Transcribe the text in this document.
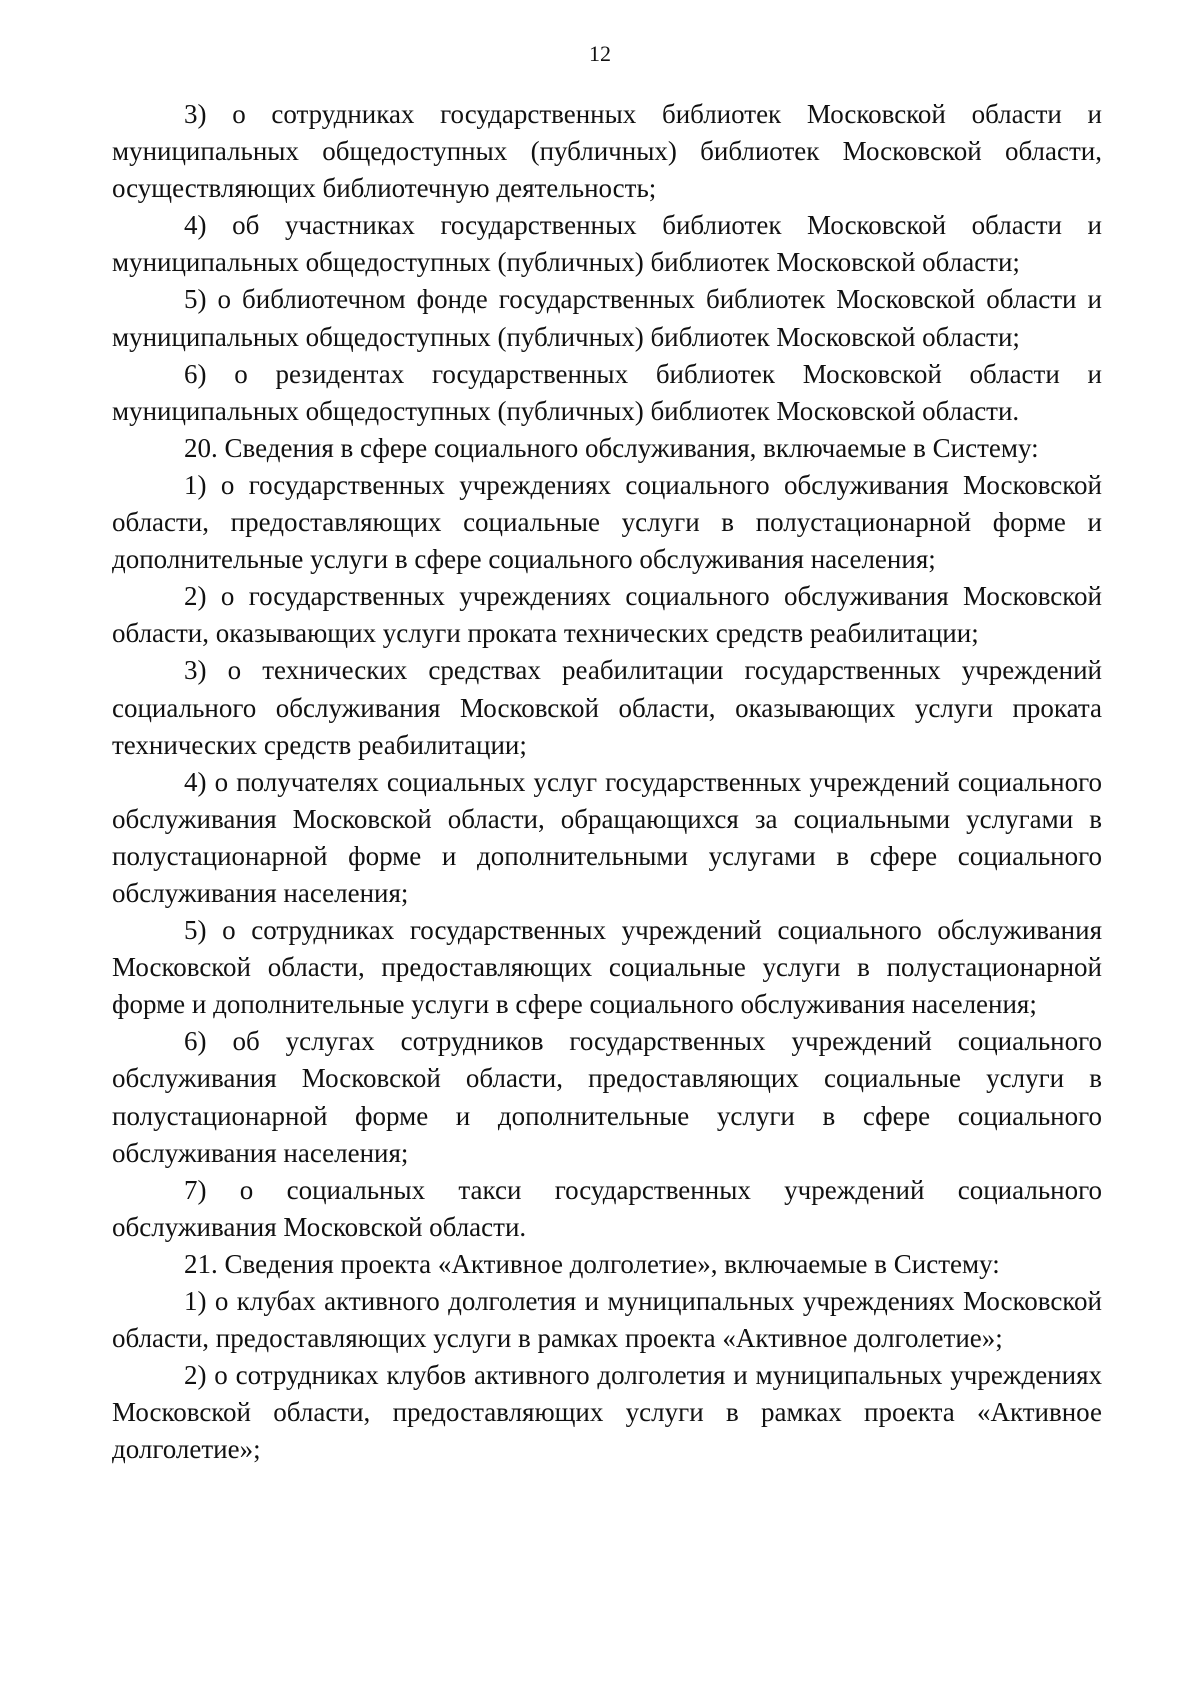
12

3) о сотрудниках государственных библиотек Московской области и муниципальных общедоступных (публичных) библиотек Московской области, осуществляющих библиотечную деятельность;

4) об участниках государственных библиотек Московской области и муниципальных общедоступных (публичных) библиотек Московской области;

5) о библиотечном фонде государственных библиотек Московской области и муниципальных общедоступных (публичных) библиотек Московской области;

6) о резидентах государственных библиотек Московской области и муниципальных общедоступных (публичных) библиотек Московской области.

20. Сведения в сфере социального обслуживания, включаемые в Систему:

1) о государственных учреждениях социального обслуживания Московской области, предоставляющих социальные услуги в полустационарной форме и дополнительные услуги в сфере социального обслуживания населения;

2) о государственных учреждениях социального обслуживания Московской области, оказывающих услуги проката технических средств реабилитации;

3) о технических средствах реабилитации государственных учреждений социального обслуживания Московской области, оказывающих услуги проката технических средств реабилитации;

4) о получателях социальных услуг государственных учреждений социального обслуживания Московской области, обращающихся за социальными услугами в полустационарной форме и дополнительными услугами в сфере социального обслуживания населения;

5) о сотрудниках государственных учреждений социального обслуживания Московской области, предоставляющих социальные услуги в полустационарной форме и дополнительные услуги в сфере социального обслуживания населения;

6) об услугах сотрудников государственных учреждений социального обслуживания Московской области, предоставляющих социальные услуги в полустационарной форме и дополнительные услуги в сфере социального обслуживания населения;

7) о социальных такси государственных учреждений социального обслуживания Московской области.

21. Сведения проекта «Активное долголетие», включаемые в Систему:

1) о клубах активного долголетия и муниципальных учреждениях Московской области, предоставляющих услуги в рамках проекта «Активное долголетие»;

2) о сотрудниках клубов активного долголетия и муниципальных учреждениях Московской области, предоставляющих услуги в рамках проекта «Активное долголетие»;
